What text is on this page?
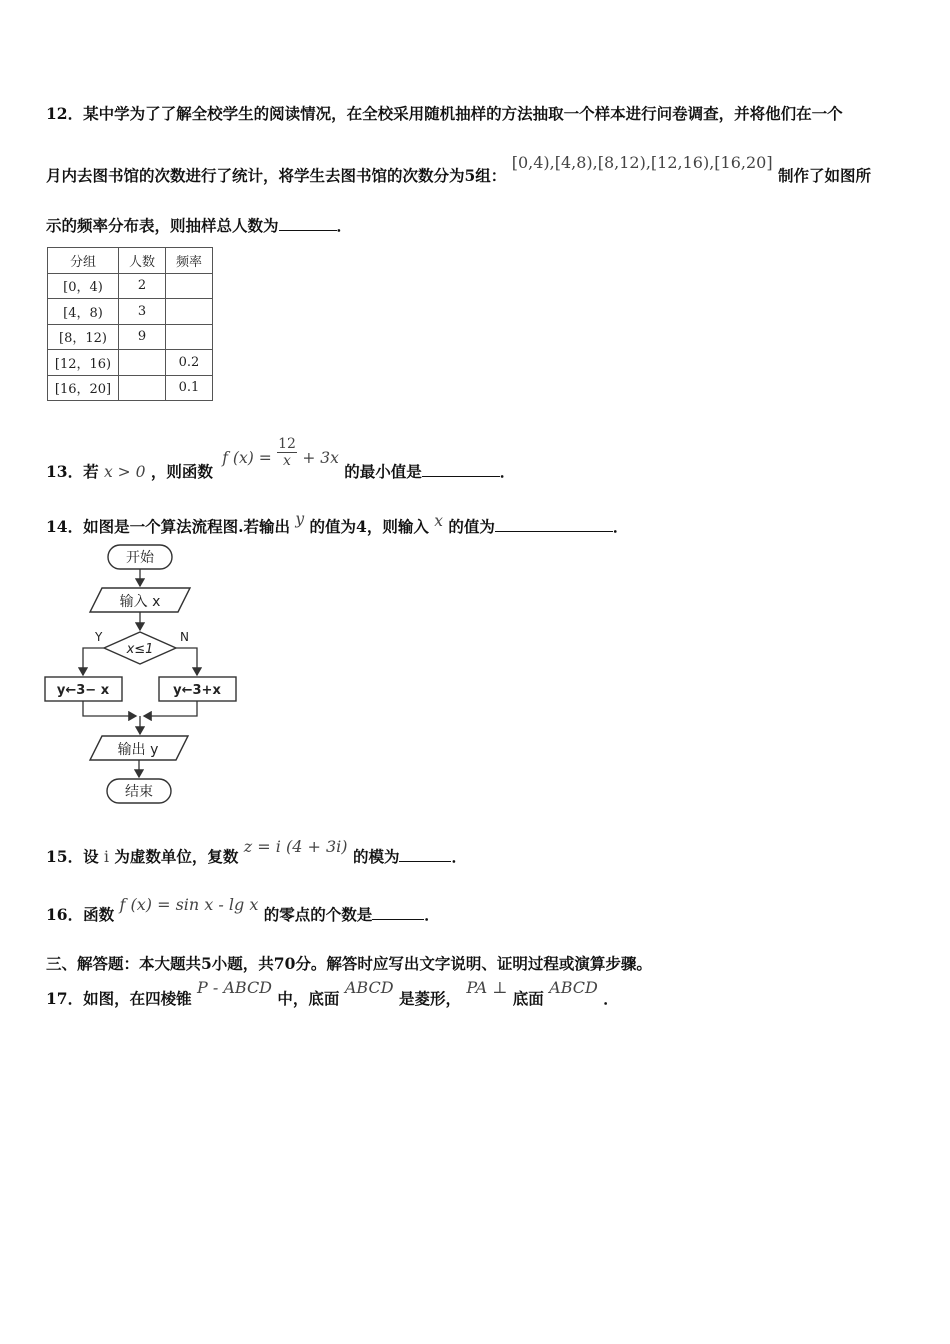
12．某中学为了了解全校学生的阅读情况，在全校采用随机抽样的方法抽取一个样本进行问卷调查，并将他们在一个
月内去图书馆的次数进行了统计，将学生去图书馆的次数分为5组： [0,4),[4,8),[8,12),[12,16),[16,20] 制作了如图所
示的频率分布表，则抽样总人数为	．
分组	人数	频率
[0，4)	2	
[4，8)	3	
[8，12)	9	
[12，16)		0.2
[16，20]		0.1
13．若 x > 0 ，则函数 f $(x) = \frac{12}{x} + 3x$ 的最小值是	．
14．如图是一个算法流程图.若输出 y 的值为4，则输入 x 的值为	．
开始
输入 x
x≤1
Y	N
y←3− x	y←3+x
输出 y
结束
15．设 i 为虚数单位，复数 z = i (4 + 3i) 的模为	．
16．函数 f (x) = sin x - lg x 的零点的个数是	．
三、解答题：本大题共5小题，共70分。解答时应写出文字说明、证明过程或演算步骤。
17．如图，在四棱锥 P - ABCD 中，底面 ABCD 是菱形， PA ⊥ 底面 ABCD ．
